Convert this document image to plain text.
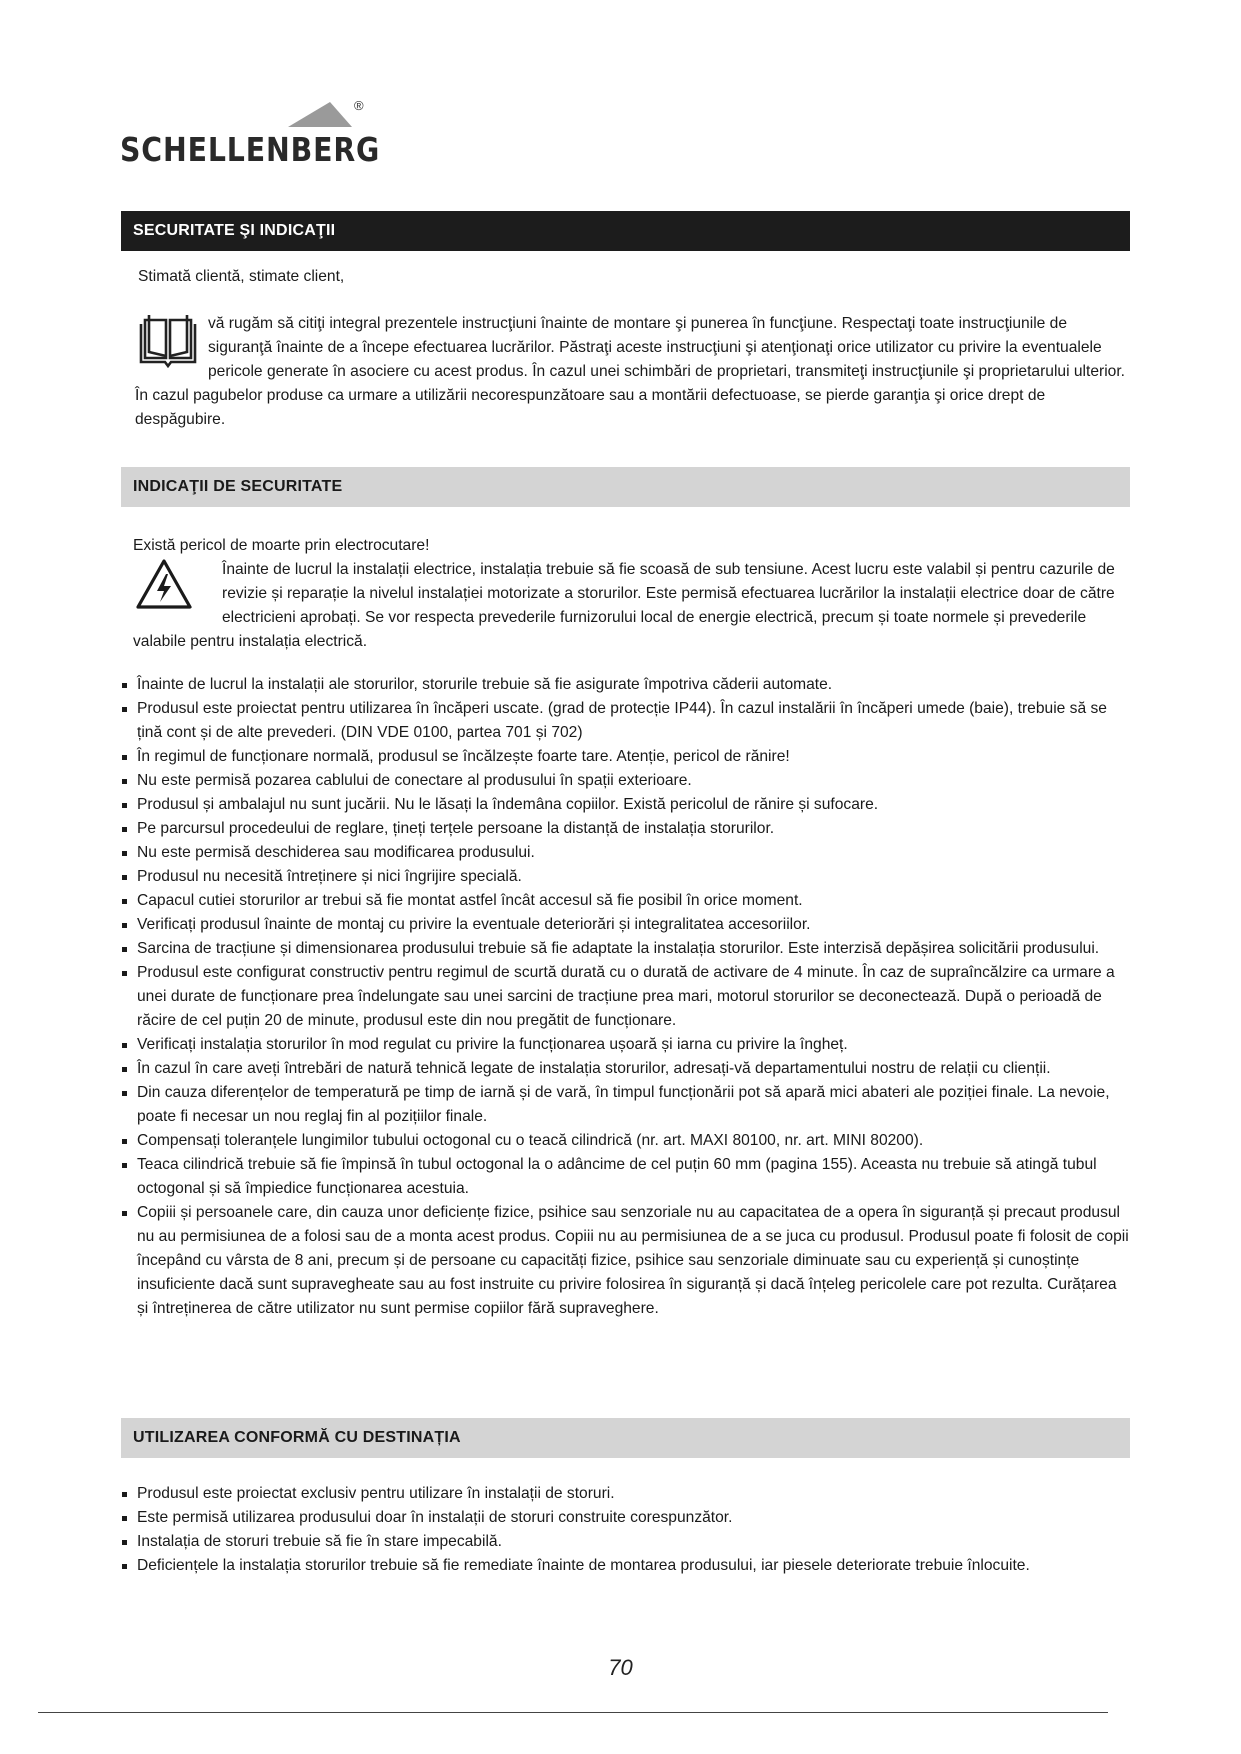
®
SCHELLENBERG
SECURITATE ŞI INDICAŢII
Stimată clientă, stimate client,
vă rugăm să citiţi integral prezentele instrucţiuni înainte de montare şi punerea în funcţiune. Respectaţi toate instrucţiunile de siguranţă înainte de a începe efectuarea lucrărilor. Păstraţi aceste instrucţiuni şi atenţionaţi orice utilizator cu privire la eventualele pericole generate în asociere cu acest produs. În cazul unei schimbări de proprietari, transmiteţi instrucţiunile şi proprietarului ulterior. În cazul pagubelor produse ca urmare a utilizării necorespunzătoare sau a montării defectuoase, se pierde garanţia şi orice drept de despăgubire.
INDICAŢII DE SECURITATE
Există pericol de moarte prin electrocutare!
Înainte de lucrul la instalații electrice, instalația trebuie să fie scoasă de sub tensiune. Acest lucru este valabil și pentru cazurile de revizie și reparație la nivelul instalației motorizate a storurilor. Este permisă efectuarea lucrărilor la instalații electrice doar de către electricieni aprobați. Se vor respecta prevederile furnizorului local de energie electrică, precum și toate normele și prevederile valabile pentru instalația electrică.
Înainte de lucrul la instalații ale storurilor, storurile trebuie să fie asigurate împotriva căderii automate.
Produsul este proiectat pentru utilizarea în încăperi uscate. (grad de protecție IP44). În cazul instalării în încăperi umede (baie), trebuie să se țină cont și de alte prevederi. (DIN VDE 0100, partea 701 și 702)
În regimul de funcționare normală, produsul se încălzește foarte tare. Atenție, pericol de rănire!
Nu este permisă pozarea cablului de conectare al produsului în spații exterioare.
Produsul și ambalajul nu sunt jucării. Nu le lăsați la îndemâna copiilor. Există pericolul de rănire și sufocare.
Pe parcursul procedeului de reglare, țineți terțele persoane la distanță de instalația storurilor.
Nu este permisă deschiderea sau modificarea produsului.
Produsul nu necesită întreținere și nici îngrijire specială.
Capacul cutiei storurilor ar trebui să fie montat astfel încât accesul să fie posibil în orice moment.
Verificați produsul înainte de montaj cu privire la eventuale deteriorări și integralitatea accesoriilor.
Sarcina de tracțiune și dimensionarea produsului trebuie să fie adaptate la instalația storurilor. Este interzisă depășirea solicitării produsului.
Produsul este configurat constructiv pentru regimul de scurtă durată cu o durată de activare de 4 minute. În caz de supraîncălzire ca urmare a unei durate de funcționare prea îndelungate sau unei sarcini de tracțiune prea mari, motorul storurilor se deconectează. După o perioadă de răcire de cel puțin 20 de minute, produsul este din nou pregătit de funcționare.
Verificați instalația storurilor în mod regulat cu privire la funcționarea ușoară și iarna cu privire la îngheț.
În cazul în care aveți întrebări de natură tehnică legate de instalația storurilor, adresați-vă departamentului nostru de relații cu clienții.
Din cauza diferențelor de temperatură pe timp de iarnă și de vară, în timpul funcționării pot să apară mici abateri ale poziției finale. La nevoie, poate fi necesar un nou reglaj fin al pozițiilor finale.
Compensați toleranțele lungimilor tubului octogonal cu o teacă cilindrică (nr. art. MAXI 80100, nr. art. MINI 80200).
Teaca cilindrică trebuie să fie împinsă în tubul octogonal la o adâncime de cel puțin 60 mm (pagina 155). Aceasta nu trebuie să atingă tubul octogonal și să împiedice funcționarea acestuia.
Copiii și persoanele care, din cauza unor deficiențe fizice, psihice sau senzoriale nu au capacitatea de a opera în siguranță și precaut produsul nu au permisiunea de a folosi sau de a monta acest produs. Copiii nu au permisiunea de a se juca cu produsul. Produsul poate fi folosit de copii începând cu vârsta de 8 ani, precum și de persoane cu capacități fizice, psihice sau senzoriale diminuate sau cu experiență și cunoștințe insuficiente dacă sunt supravegheate sau au fost instruite cu privire folosirea în siguranță și dacă înțeleg pericolele care pot rezulta. Curățarea și întreținerea de către utilizator nu sunt permise copiilor fără supraveghere.
UTILIZAREA CONFORMĂ CU DESTINAȚIA
Produsul este proiectat exclusiv pentru utilizare în instalații de storuri.
Este permisă utilizarea produsului doar în instalații de storuri construite corespunzător.
Instalația de storuri trebuie să fie în stare impecabilă.
Deficiențele la instalația storurilor trebuie să fie remediate înainte de montarea produsului, iar piesele deteriorate trebuie înlocuite.
70
